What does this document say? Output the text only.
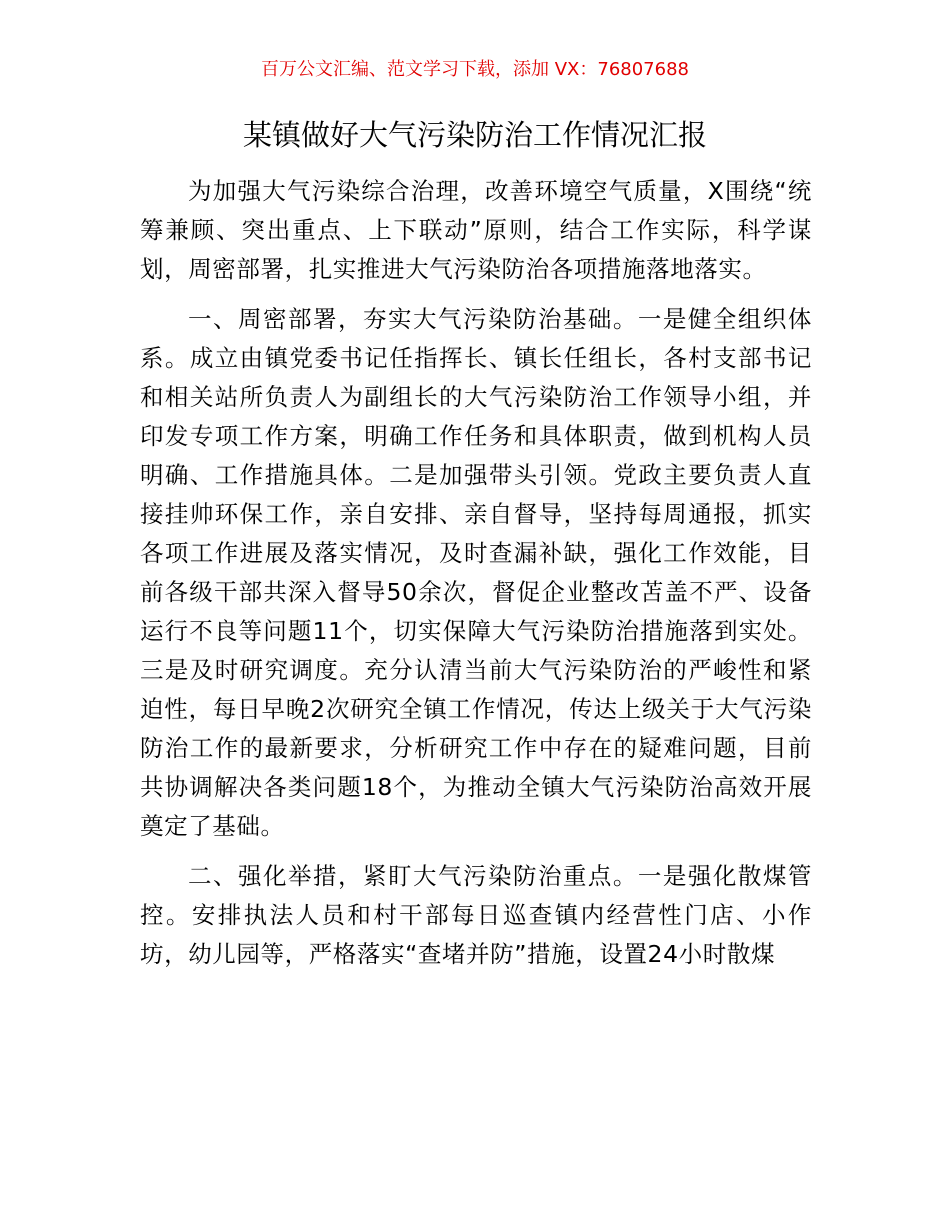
百万公文汇编、范文学习下载，添加 VX：76807688
某镇做好大气污染防治工作情况汇报

为加强大气污染综合治理，改善环境空气质量，X围绕“统筹兼顾、突出重点、上下联动”原则，结合工作实际，科学谋划，周密部署，扎实推进大气污染防治各项措施落地落实。

一、周密部署，夯实大气污染防治基础。一是健全组织体系。成立由镇党委书记任指挥长、镇长任组长，各村支部书记和相关站所负责人为副组长的大气污染防治工作领导小组，并印发专项工作方案，明确工作任务和具体职责，做到机构人员明确、工作措施具体。二是加强带头引领。党政主要负责人直接挂帅环保工作，亲自安排、亲自督导，坚持每周通报，抓实各项工作进展及落实情况，及时查漏补缺，强化工作效能，目前各级干部共深入督导50余次，督促企业整改苫盖不严、设备运行不良等问题11个，切实保障大气污染防治措施落到实处。三是及时研究调度。充分认清当前大气污染防治的严峻性和紧迫性，每日早晚2次研究全镇工作情况，传达上级关于大气污染防治工作的最新要求，分析研究工作中存在的疑难问题，目前共协调解决各类问题18个，为推动全镇大气污染防治高效开展奠定了基础。

二、强化举措，紧盯大气污染防治重点。一是强化散煤管控。安排执法人员和村干部每日巡查镇内经营性门店、小作坊，幼儿园等，严格落实“查堵并防”措施，设置24小时散煤
